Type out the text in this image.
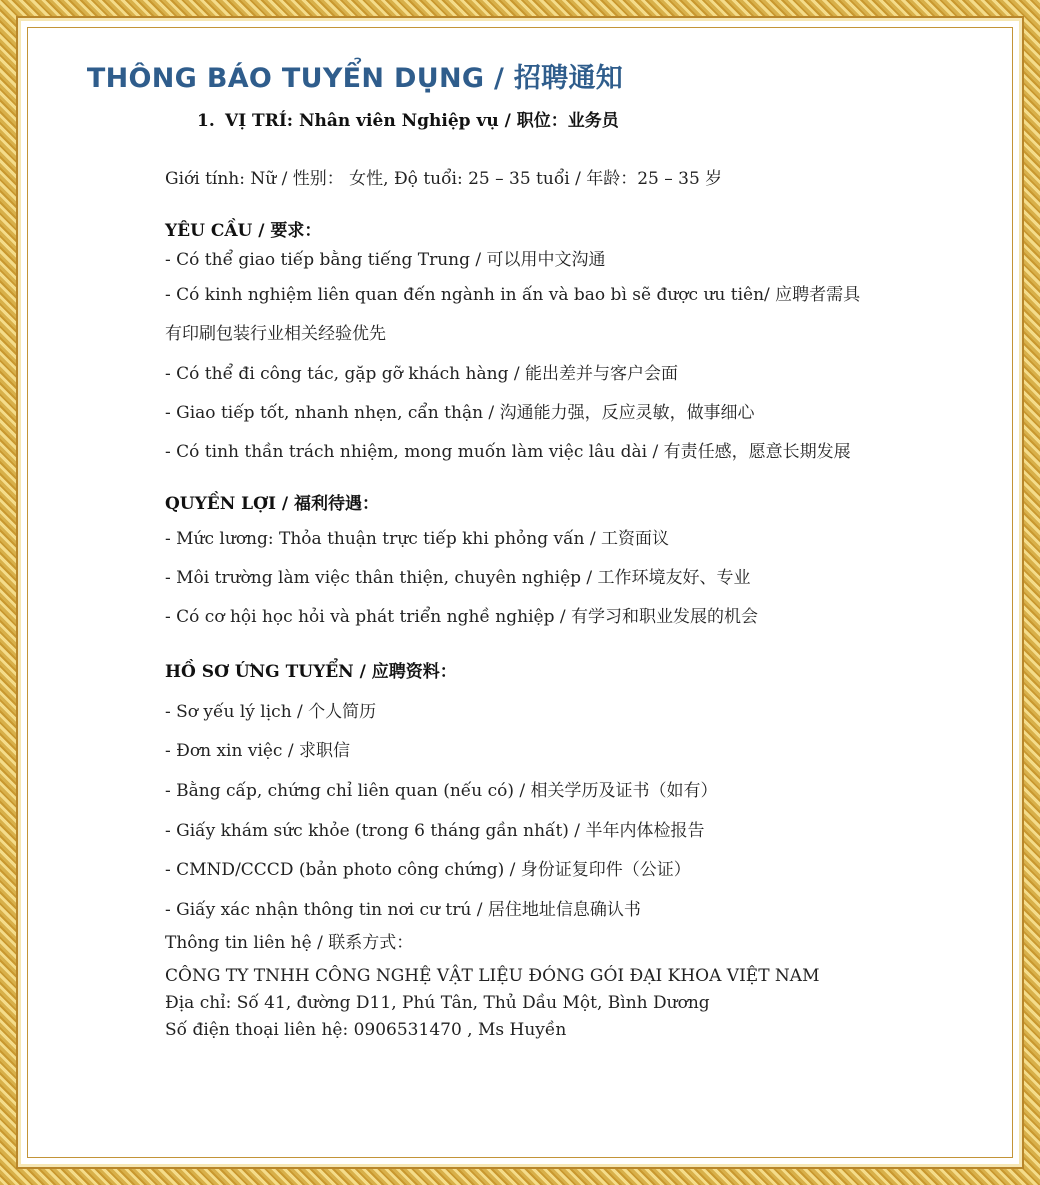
THÔNG BÁO TUYỂN DỤNG / 招聘通知
1. VỊ TRÍ: Nhân viên Nghiệp vụ / 职位：业务员
Giới tính: Nữ / 性别： 女性, Độ tuổi: 25 – 35 tuổi / 年龄：25 – 35 岁
YÊU CẦU / 要求：
- Có thể giao tiếp bằng tiếng Trung / 可以用中文沟通
- Có kinh nghiệm liên quan đến ngành in ấn và bao bì sẽ được ưu tiên/ 应聘者需具
有印刷包装行业相关经验优先
- Có thể đi công tác, gặp gỡ khách hàng / 能出差并与客户会面
- Giao tiếp tốt, nhanh nhẹn, cẩn thận / 沟通能力强，反应灵敏，做事细心
- Có tinh thần trách nhiệm, mong muốn làm việc lâu dài / 有责任感，愿意长期发展
QUYỀN LỢI / 福利待遇：
- Mức lương: Thỏa thuận trực tiếp khi phỏng vấn / 工资面议
- Môi trường làm việc thân thiện, chuyên nghiệp / 工作环境友好、专业
- Có cơ hội học hỏi và phát triển nghề nghiệp / 有学习和职业发展的机会
HỒ SƠ ỨNG TUYỂN / 应聘资料：
- Sơ yếu lý lịch / 个人简历
- Đơn xin việc / 求职信
- Bằng cấp, chứng chỉ liên quan (nếu có) / 相关学历及证书（如有）
- Giấy khám sức khỏe (trong 6 tháng gần nhất) / 半年内体检报告
- CMND/CCCD (bản photo công chứng) / 身份证复印件（公证）
- Giấy xác nhận thông tin nơi cư trú / 居住地址信息确认书
Thông tin liên hệ / 联系方式：
CÔNG TY TNHH CÔNG NGHỆ VẬT LIỆU ĐÓNG GÓI ĐẠI KHOA VIỆT NAM
Địa chỉ: Số 41, đường D11, Phú Tân, Thủ Dầu Một, Bình Dương
Số điện thoại liên hệ: 0906531470 , Ms Huyền
